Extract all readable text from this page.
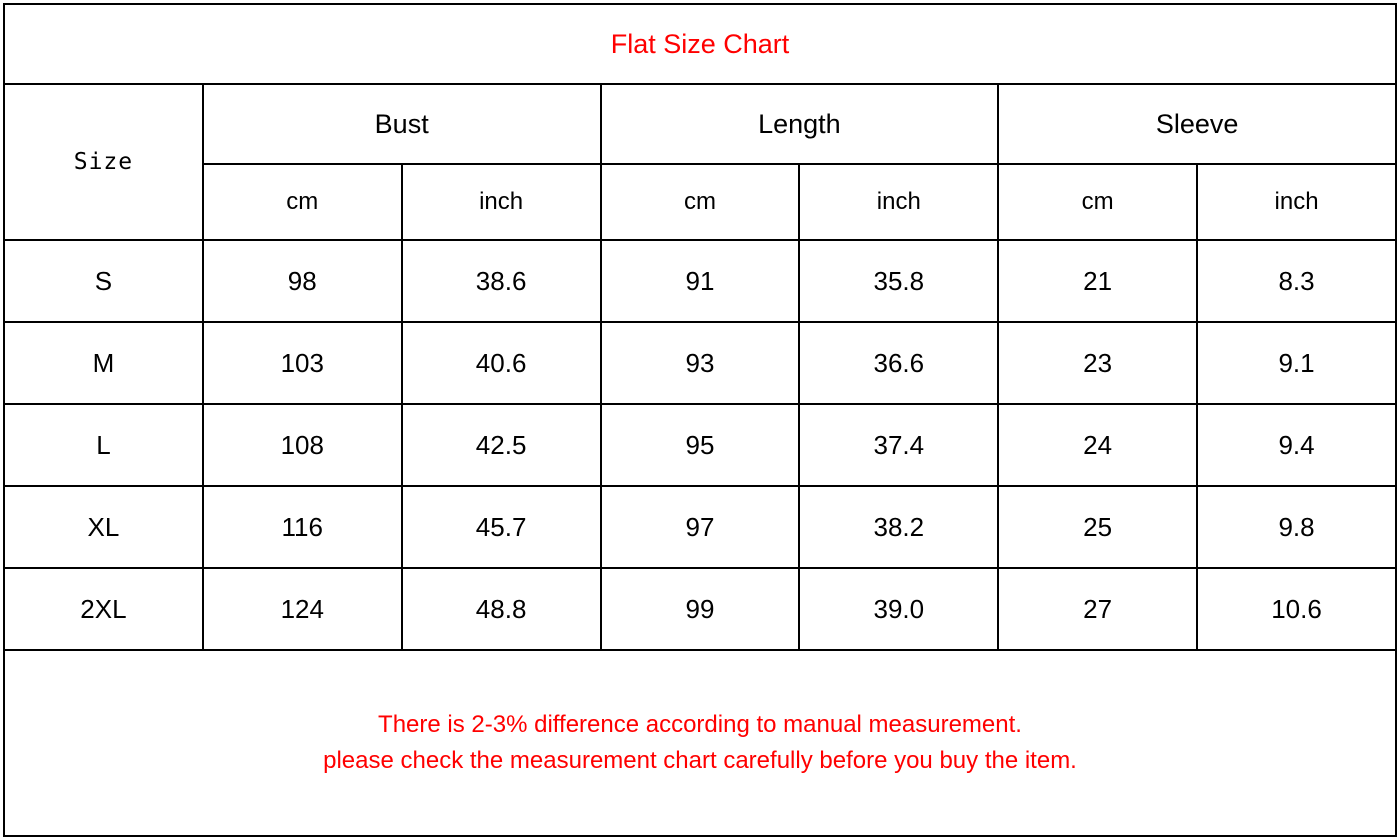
Flat Size Chart						
Size	Bust		Length		Sleeve	
	cm	inch	cm	inch	cm	inch
S	98	38.6	91	35.8	21	8.3
M	103	40.6	93	36.6	23	9.1
L	108	42.5	95	37.4	24	9.4
XL	116	45.7	97	38.2	25	9.8
2XL	124	48.8	99	39.0	27	10.6

There is 2-3% difference according to manual measurement.
please check the measurement chart carefully before you buy the item.						
